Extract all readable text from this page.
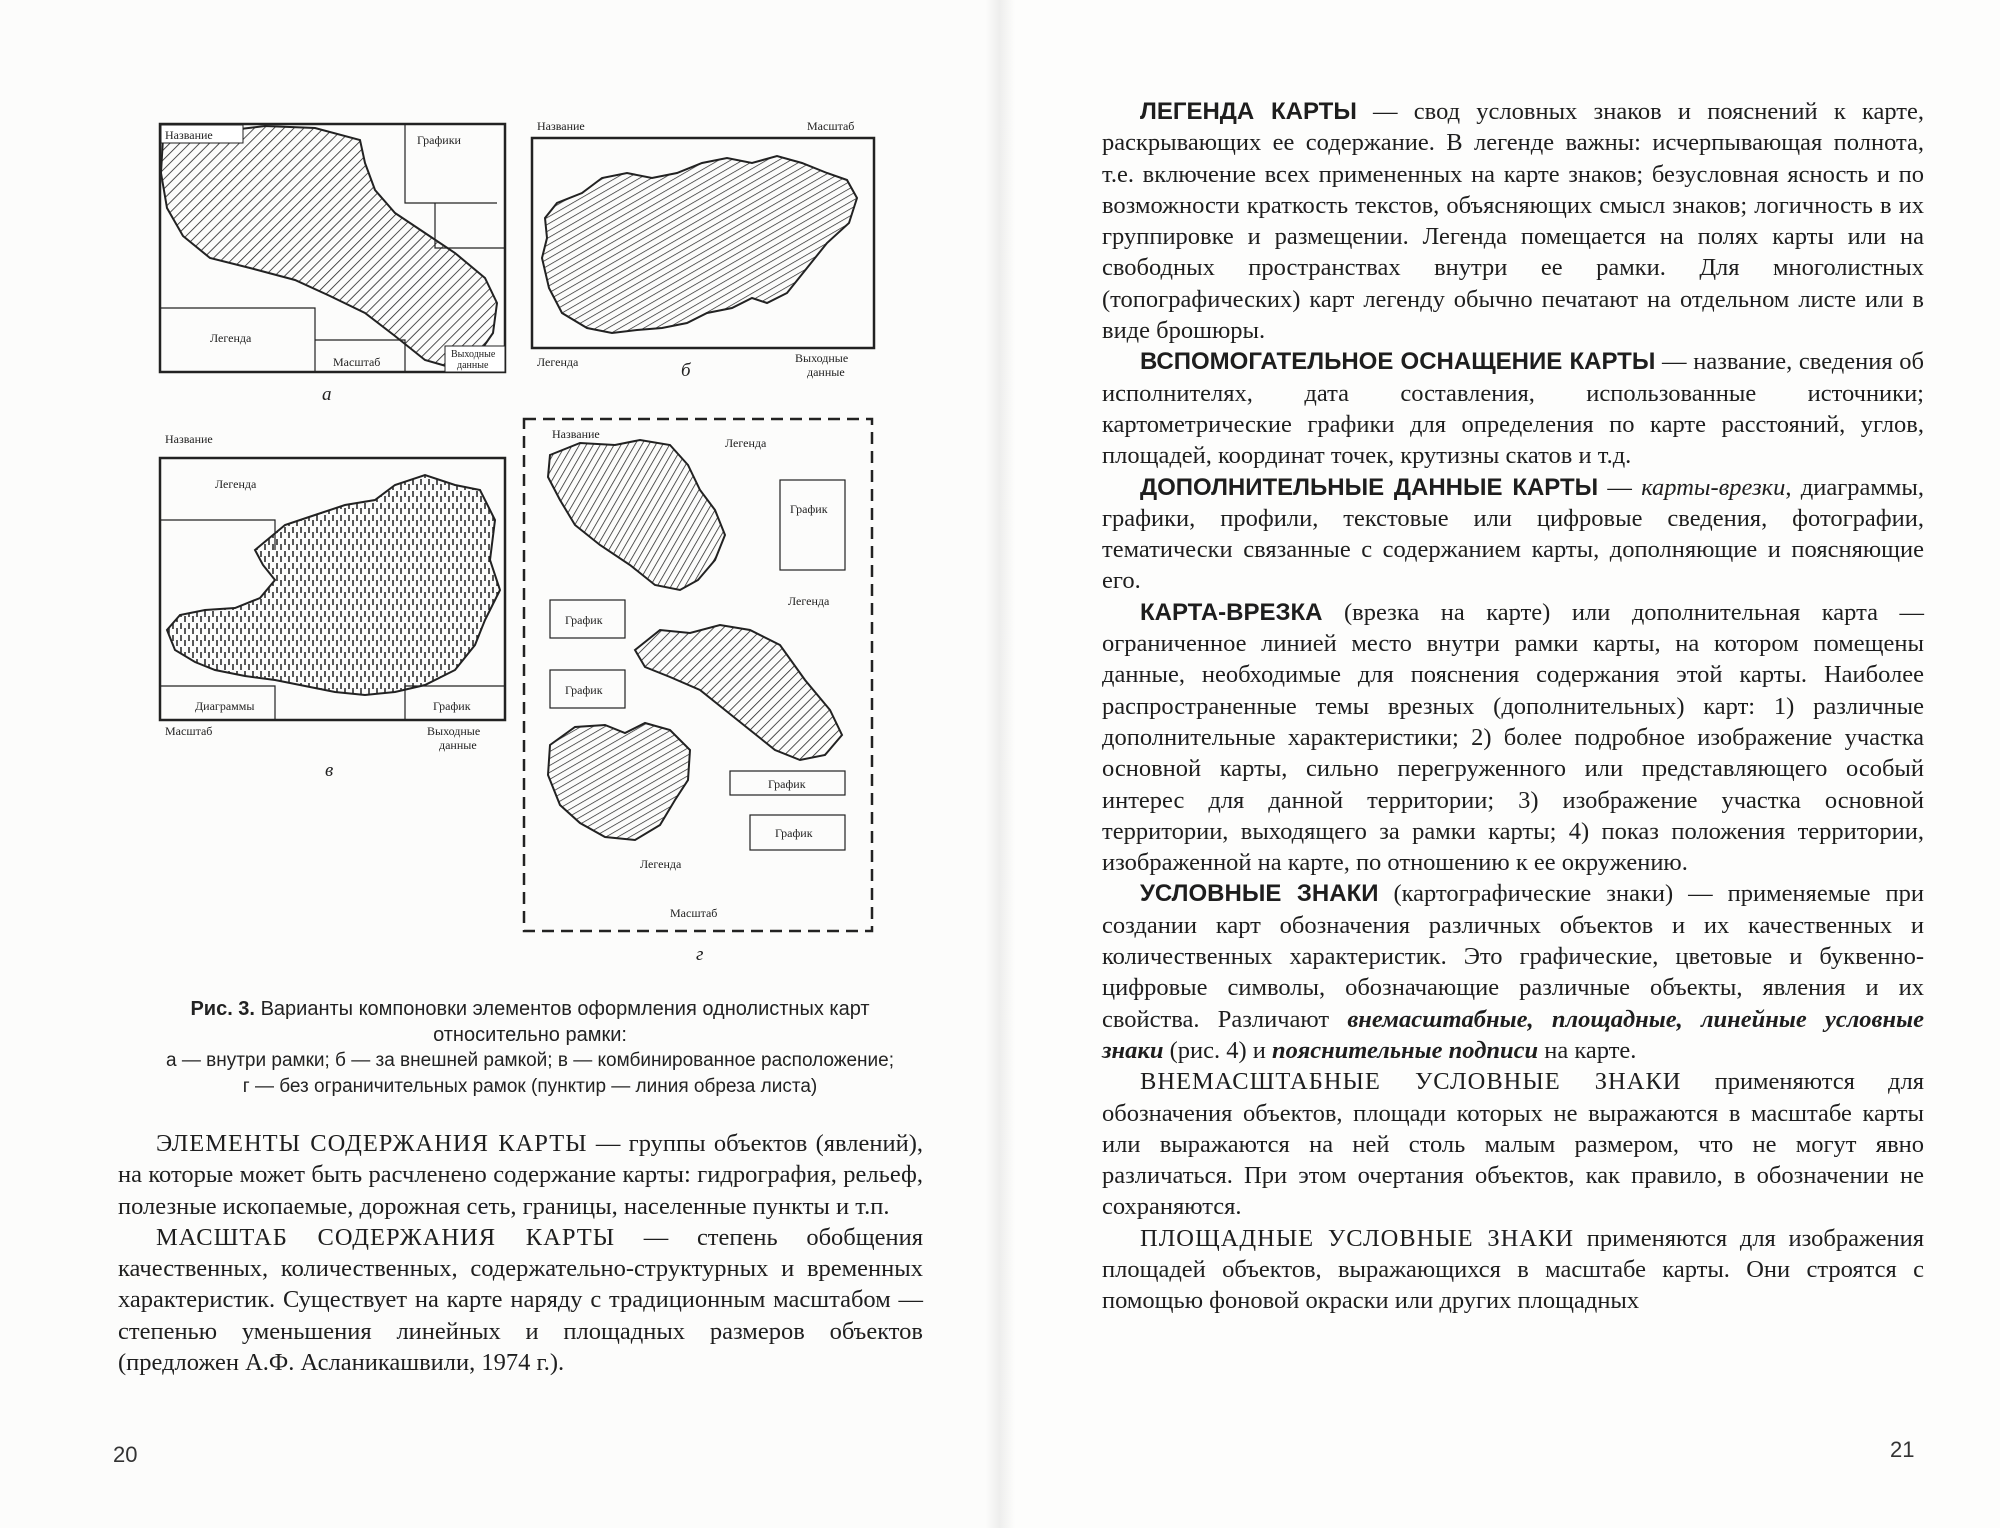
Название	Графики
Легенда
Масштаб
Выходные
данные
а
Название	Масштаб
Легенда	Выходные
данные
б
Название
Легенда
Диаграммы	График
Масштаб	Выходные
данные
в
Название
Легенда
График
График
Легенда
График
График
График
Легенда
Масштаб
г
Рис. 3. Варианты компоновки элементов оформления однолистных карт
относительно рамки:
а — внутри рамки; б — за внешней рамкой; в — комбинированное расположение;
г — без ограничительных рамок (пунктир — линия обреза листа)

ЭЛЕМЕНТЫ СОДЕРЖАНИЯ КАРТЫ — группы объектов (явлений), на которые может быть расчленено содержание карты: гидрография, рельеф, полезные ископаемые, дорожная сеть, границы, населенные пункты и т.п.

МАСШТАБ СОДЕРЖАНИЯ КАРТЫ — степень обобщения качественных, количественных, содержательно-структурных и временных характеристик. Существует на карте наряду с традиционным масштабом — степенью уменьшения линейных и площадных размеров объектов (предложен А.Ф. Асланикашвили, 1974 г.).

20

ЛЕГЕНДА КАРТЫ — свод условных знаков и пояснений к карте, раскрывающих ее содержание. В легенде важны: исчерпывающая полнота, т.е. включение всех примененных на карте знаков; безусловная ясность и по возможности краткость текстов, объясняющих смысл знаков; логичность в их группировке и размещении. Легенда помещается на полях карты или на свободных пространствах внутри ее рамки. Для многолистных (топографических) карт легенду обычно печатают на отдельном листе или в виде брошюры.

ВСПОМОГАТЕЛЬНОЕ ОСНАЩЕНИЕ КАРТЫ — название, сведения об исполнителях, дата составления, использованные источники; картометрические графики для определения по карте расстояний, углов, площадей, координат точек, крутизны скатов и т.д.

ДОПОЛНИТЕЛЬНЫЕ ДАННЫЕ КАРТЫ — карты-врезки, диаграммы, графики, профили, текстовые или цифровые сведения, фотографии, тематически связанные с содержанием карты, дополняющие и поясняющие его.

КАРТА-ВРЕЗКА (врезка на карте) или дополнительная карта — ограниченное линией место внутри рамки карты, на котором помещены данные, необходимые для пояснения содержания этой карты. Наиболее распространенные темы врезных (дополнительных) карт: 1) различные дополнительные характеристики; 2) более подробное изображение участка основной карты, сильно перегруженного или представляющего особый интерес для данной территории; 3) изображение участка основной территории, выходящего за рамки карты; 4) показ положения территории, изображенной на карте, по отношению к ее окружению.

УСЛОВНЫЕ ЗНАКИ (картографические знаки) — применяемые при создании карт обозначения различных объектов и их качественных и количественных характеристик. Это графические, цветовые и буквенно-цифровые символы, обозначающие различные объекты, явления и их свойства. Различают внемасштабные, площадные, линейные условные знаки (рис. 4) и пояснительные подписи на карте.

ВНЕМАСШТАБНЫЕ УСЛОВНЫЕ ЗНАКИ применяются для обозначения объектов, площади которых не выражаются в масштабе карты или выражаются на ней столь малым размером, что не могут явно различаться. При этом очертания объектов, как правило, в обозначении не сохраняются.

ПЛОЩАДНЫЕ УСЛОВНЫЕ ЗНАКИ применяются для изображения площадей объектов, выражающихся в масштабе карты. Они строятся с помощью фоновой окраски или других площадных

21
